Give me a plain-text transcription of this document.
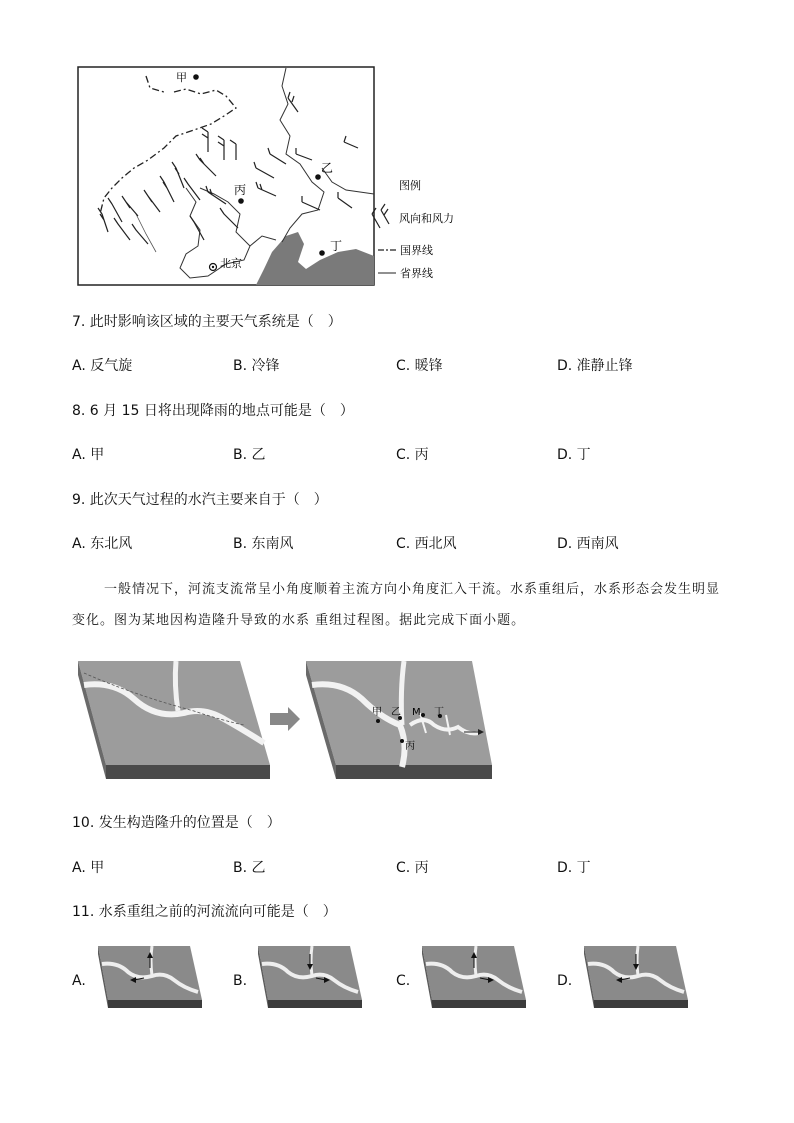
甲
乙
丙
丁
北京
图例
风向和风力
国界线
省界线
7. 此时影响该区域的主要天气系统是（　）
A. 反气旋	B. 冷锋	C. 暖锋	D. 准静止锋
8. 6 月 15 日将出现降雨的地点可能是（　）
A. 甲	B. 乙	C. 丙	D. 丁
9. 此次天气过程的水汽主要来自于（　）
A. 东北风	B. 东南风	C. 西北风	D. 西南风
一般情况下，河流支流常呈小角度顺着主流方向小角度汇入干流。水系重组后，水系形态会发生明显
变化。图为某地因构造隆升导致的水系 重组过程图。据此完成下面小题。
甲 乙 M 丁
丙
10. 发生构造隆升的位置是（　）
A. 甲	B. 乙	C. 丙	D. 丁
11. 水系重组之前的河流流向可能是（　）
A.	B.	C.	D.
